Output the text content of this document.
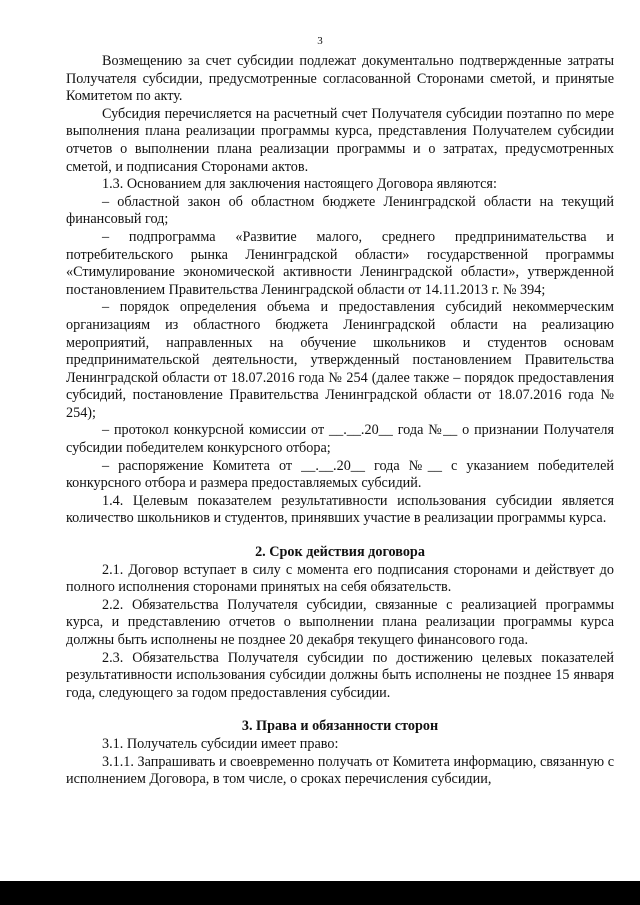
3

Возмещению за счет субсидии подлежат документально подтвержденные затраты Получателя субсидии, предусмотренные согласованной Сторонами сметой, и принятые Комитетом по акту.

Субсидия перечисляется на расчетный счет Получателя субсидии поэтапно по мере выполнения плана реализации программы курса, представления Получателем субсидии отчетов о выполнении плана реализации программы и о затратах, предусмотренных сметой, и подписания Сторонами актов.

1.3. Основанием для заключения настоящего Договора являются:

– областной закон об областном бюджете Ленинградской области на текущий финансовый год;

– подпрограмма «Развитие малого, среднего предпринимательства и потребительского рынка Ленинградской области» государственной программы «Стимулирование экономической активности Ленинградской области», утвержденной постановлением Правительства Ленинградской области от 14.11.2013 г. № 394;

– порядок определения объема и предоставления субсидий некоммерческим организациям из областного бюджета Ленинградской области на реализацию мероприятий, направленных на обучение школьников и студентов основам предпринимательской деятельности, утвержденный постановлением Правительства Ленинградской области от 18.07.2016 года № 254 (далее также – порядок предоставления субсидий, постановление Правительства Ленинградской области от 18.07.2016 года № 254);

– протокол конкурсной комиссии от __.__.20__ года №__ о признании Получателя субсидии победителем конкурсного отбора;

– распоряжение Комитета от __.__.20__ года №__ с указанием победителей конкурсного отбора и размера предоставляемых субсидий.

1.4. Целевым показателем результативности использования субсидии является количество школьников и студентов, принявших участие в реализации программы курса.

2. Срок действия договора

2.1. Договор вступает в силу с момента его подписания сторонами и действует до полного исполнения сторонами принятых на себя обязательств.

2.2. Обязательства Получателя субсидии, связанные с реализацией программы курса, и представлению отчетов о выполнении плана реализации программы курса должны быть исполнены не позднее 20 декабря текущего финансового года.

2.3. Обязательства Получателя субсидии по достижению целевых показателей результативности использования субсидии должны быть исполнены не позднее 15 января года, следующего за годом предоставления субсидии.

3. Права и обязанности сторон

3.1. Получатель субсидии имеет право:

3.1.1. Запрашивать и своевременно получать от Комитета информацию, связанную с исполнением Договора, в том числе, о сроках перечисления субсидии,
